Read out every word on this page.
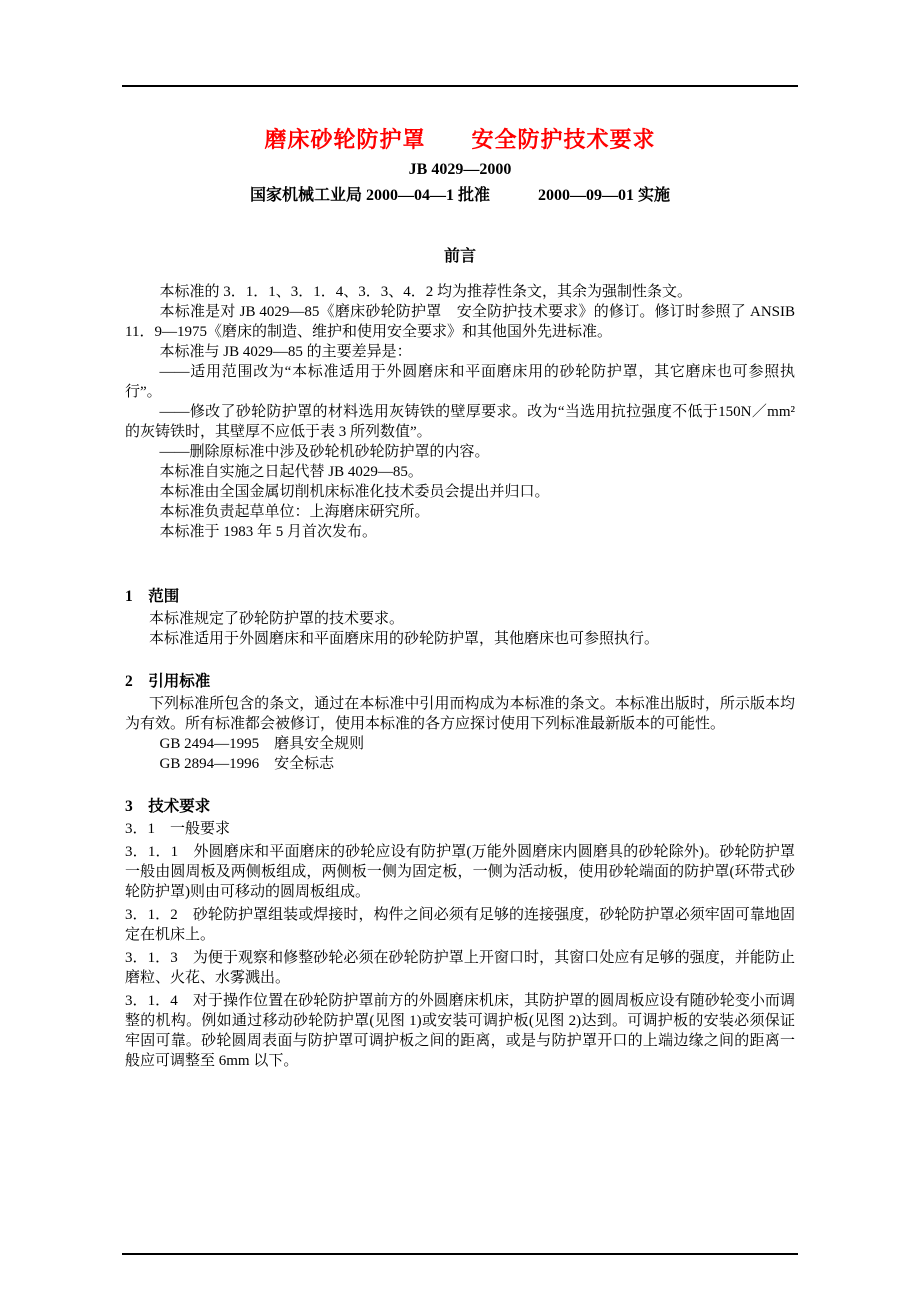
磨床砂轮防护罩　　安全防护技术要求
JB 4029—2000
国家机械工业局 2000—04—1 批准　　　2000—09—01 实施
前言

本标准的 3．1．1、3．1．4、3．3、4．2 均为推荐性条文，其余为强制性条文。

本标准是对 JB 4029—85《磨床砂轮防护罩　安全防护技术要求》的修订。修订时参照了 ANSIB 11．9—1975《磨床的制造、维护和使用安全要求》和其他国外先进标准。

本标准与 JB 4029—85 的主要差异是：

——适用范围改为“本标准适用于外圆磨床和平面磨床用的砂轮防护罩，其它磨床也可参照执行”。

——修改了砂轮防护罩的材料选用灰铸铁的壁厚要求。改为“当选用抗拉强度不低于150N／mm²的灰铸铁时，其壁厚不应低于表 3 所列数值”。

——删除原标准中涉及砂轮机砂轮防护罩的内容。

本标准自实施之日起代替 JB 4029—85。

本标准由全国金属切削机床标准化技术委员会提出并归口。

本标准负责起草单位：上海磨床研究所。

本标准于 1983 年 5 月首次发布。

1　范围

本标准规定了砂轮防护罩的技术要求。

本标准适用于外圆磨床和平面磨床用的砂轮防护罩，其他磨床也可参照执行。

2　引用标准

下列标准所包含的条文，通过在本标准中引用而构成为本标准的条文。本标准出版时，所示版本均为有效。所有标准都会被修订，使用本标准的各方应探讨使用下列标准最新版本的可能性。

GB 2494—1995　磨具安全规则

GB 2894—1996　安全标志

3　技术要求

3．1　一般要求

3．1．1　外圆磨床和平面磨床的砂轮应设有防护罩(万能外圆磨床内圆磨具的砂轮除外)。砂轮防护罩一般由圆周板及两侧板组成，两侧板一侧为固定板，一侧为活动板，使用砂轮端面的防护罩(环带式砂轮防护罩)则由可移动的圆周板组成。

3．1．2　砂轮防护罩组装或焊接时，构件之间必须有足够的连接强度，砂轮防护罩必须牢固可靠地固定在机床上。

3．1．3　为便于观察和修整砂轮必须在砂轮防护罩上开窗口时，其窗口处应有足够的强度，并能防止磨粒、火花、水雾溅出。

3．1．4　对于操作位置在砂轮防护罩前方的外圆磨床机床，其防护罩的圆周板应设有随砂轮变小而调整的机构。例如通过移动砂轮防护罩(见图 1)或安装可调护板(见图 2)达到。可调护板的安装必须保证牢固可靠。砂轮圆周表面与防护罩可调护板之间的距离，或是与防护罩开口的上端边缘之间的距离一般应可调整至 6mm 以下。
